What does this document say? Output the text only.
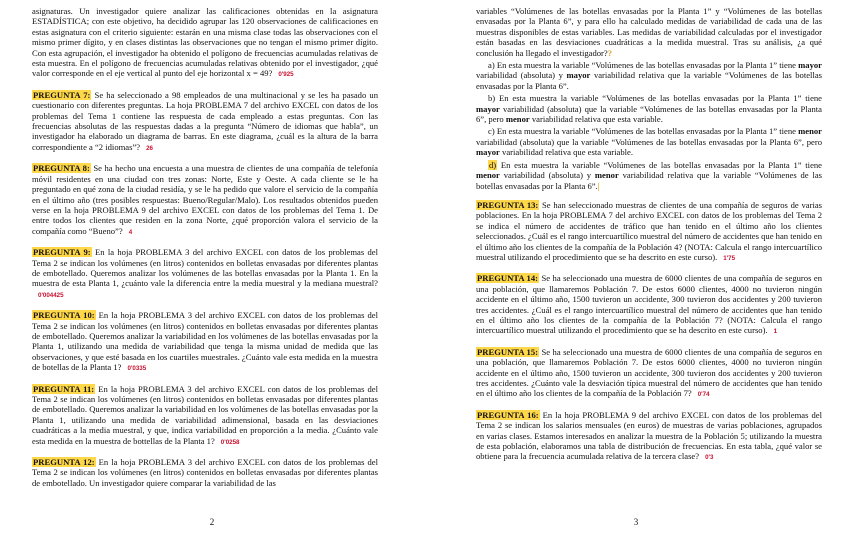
asignaturas. Un investigador quiere analizar las calificaciones obtenidas en la asignatura ESTADÍSTICA; con este objetivo, ha decidido agrupar las 120 observaciones de calificaciones en estas asignatura con el criterio siguiente: estarán en una misma clase todas las observaciones con el mismo primer dígito, y en clases distintas las observaciones que no tengan el mismo primer dígito. Con esta agrupación, el investigador ha obtenido el polígono de frecuencias acumuladas relativas de esta muestra. En el polígono de frecuencias acumuladas relativas obtenido por el investigador, ¿qué valor corresponde en el eje vertical al punto del eje horizontal x = 49? 0'925

PREGUNTA 7: Se ha seleccionado a 98 empleados de una multinacional y se les ha pasado un cuestionario con diferentes preguntas. La hoja PROBLEMA 7 del archivo EXCEL con datos de los problemas del Tema 1 contiene las respuesta de cada empleado a estas preguntas. Con las frecuencias absolutas de las respuestas dadas a la pregunta “Número de idiomas que habla”, un investigador ha elaborado un diagrama de barras. En este diagrama, ¿cuál es la altura de la barra correspondiente a “2 idiomas”? 26

PREGUNTA 8: Se ha hecho una encuesta a una muestra de clientes de una compañía de telefonía móvil residentes en una ciudad con tres zonas: Norte, Este y Oeste. A cada cliente se le ha preguntado en qué zona de la ciudad residía, y se le ha pedido que valore el servicio de la compañía en el último año (tres posibles respuestas: Bueno/Regular/Malo). Los resultados obtenidos pueden verse en la hoja PROBLEMA 9 del archivo EXCEL con datos de los problemas del Tema 1. De entre todos los clientes que residen en la zona Norte, ¿qué proporción valora el servicio de la compañía como “Bueno”? 4

PREGUNTA 9: En la hoja PROBLEMA 3 del archivo EXCEL con datos de los problemas del Tema 2 se indican los volúmenes (en litros) contenidos en bolletas envasadas por diferentes plantas de embotellado. Queremos analizar los volúmenes de las botellas envasadas por la Planta 1. En la muestra de esta Planta 1, ¿cuánto vale la diferencia entre la media muestral y la mediana muestral?0'004425

PREGUNTA 10: En la hoja PROBLEMA 3 del archivo EXCEL con datos de los problemas del Tema 2 se indican los volúmenes (en litros) contenidos en bolletas envasadas por diferentes plantas de embotellado. Queremos analizar la variabilidad en los volúmenes de las botellas envasadas por la Planta 1, utilizando una medida de variabilidad que tenga la misma unidad de medida que las observaciones, y que esté basada en los cuartiles muestrales. ¿Cuánto vale esta medida en la muestra de botellas de la Planta 1? 0'0335

PREGUNTA 11: En la hoja PROBLEMA 3 del archivo EXCEL con datos de los problemas del Tema 2 se indican los volúmenes (en litros) contenidos en bolletas envasadas por diferentes plantas de embotellado. Queremos analizar la variabilidad en los volúmenes de las botellas envasadas por la Planta 1, utilizando una medida de variabilidad adimensional, basada en las desviaciones cuadráticas a la media muestral, y que, indica variabilidad en proporción a la media. ¿Cuánto vale esta medida en la muestra de bottellas de la Planta 1? 0'0258

PREGUNTA 12: En la hoja PROBLEMA 3 del archivo EXCEL con datos de los problemas del Tema 2 se indican los volúmenes (en litros) contenidos en bolletas envasadas por diferentes plantas de embotellado. Un investigador quiere comparar la variabilidad de las

2

variables “Volúmenes de las botellas envasadas por la Planta 1” y “Volúmenes de las botellas envasadas por la Planta 6”, y para ello ha calculado medidas de variabilidad de cada una de las muestras disponibles de estas variables. Las medidas de variabilidad calculadas por el investigador están basadas en las desviaciones cuadráticas a la medida muestral. Tras su análisis, ¿a qué conclusión ha llegado el investigador??

a) En esta muestra la variable “Volúmenes de las botellas envasadas por la Planta 1” tiene mayor variabilidad (absoluta) y mayor variabilidad relativa que la variable “Volúmenes de las botellas envasadas por la Planta 6”.

b) En esta muestra la variable “Volúmenes de las botellas envasadas por la Planta 1” tiene mayor variabilidad (absoluta) que la variable “Volúmenes de las botellas envasadas por la Planta 6”, pero menor variabilidad relativa que esta variable.

c) En esta muestra la variable “Volúmenes de las botellas envasadas por la Planta 1” tiene menor variabilidad (absoluta) que la variable “Volúmenes de las botellas envasadas por la Planta 6”, pero mayor variabilidad relativa que esta variable.

d) En esta muestra la variable “Volúmenes de las botellas envasadas por la Planta 1” tiene menor variabilidad (absoluta) y menor variabilidad relativa que la variable “Volúmenes de las botellas envasadas por la Planta 6”.|

PREGUNTA 13: Se han seleccionado muestras de clientes de una compañía de seguros de varias poblaciones. En la hoja PROBLEMA 7 del archivo EXCEL con datos de los problemas del Tema 2 se indica el número de accidentes de tráfico que han tenido en el último año los clientes seleccionados. ¿Cuál es el rango intercuartílico muestral del número de accidentes que han tenido en el último año los clientes de la compañía de la Población 4? (NOTA: Calcula el rango intercuartílico muestral utilizando el procedimiento que se ha descrito en este curso). 1'75

PREGUNTA 14: Se ha seleccionado una muestra de 6000 clientes de una compañía de seguros en una población, que llamaremos Población 7. De estos 6000 clientes, 4000 no tuvieron ningún accidente en el último año, 1500 tuvieron un accidente, 300 tuvieron dos accidentes y 200 tuvieron tres accidentes. ¿Cuál es el rango intercuartílico muestral del número de accidentes que han tenido en el último año los clientes de la compañía de la Población 7? (NOTA: Calcula el rango intercuartílico muestral utilizando el procedimiento que se ha descrito en este curso). 1

PREGUNTA 15: Se ha seleccionado una muestra de 6000 clientes de una compañía de seguros en una población, que llamaremos Población 7. De estos 6000 clientes, 4000 no tuvieron ningún accidente en el último año, 1500 tuvieron un accidente, 300 tuvieron dos accidentes y 200 tuvieron tres accidentes. ¿Cuánto vale la desviación típica muestral del número de accidentes que han tenido en el último año los clientes de la compañía de la Población 7? 0'74

PREGUNTA 16: En la hoja PROBLEMA 9 del archivo EXCEL con datos de los problemas del Tema 2 se indican los salarios mensuales (en euros) de muestras de varias poblaciones, agrupados en varias clases. Estamos interesados en analizar la muestra de la Población 5; utilizando la muestra de esta población, elaboramos una tabla de distribución de frecuencias. En esta tabla, ¿qué valor se obtiene para la frecuencia acumulada relativa de la tercera clase? 0'3

3
